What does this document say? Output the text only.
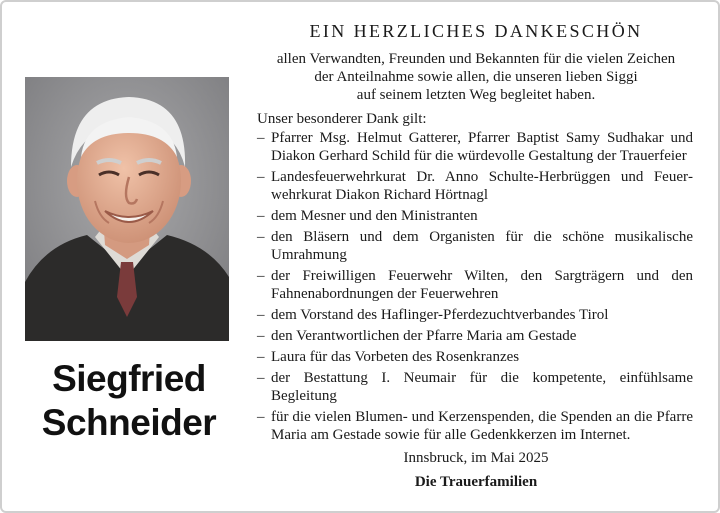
Siegfried
Schneider
EIN HERZLICHES DANKESCHÖN
allen Verwandten, Freunden und Bekannten für die vielen Zeichen
der Anteilnahme sowie allen, die unseren lieben Siggi
auf seinem letzten Weg begleitet haben.
Unser besonderer Dank gilt:
– Pfarrer Msg. Helmut Gatterer, Pfarrer Baptist Samy Sudhakar und Diakon Gerhard Schild für die würdevolle Gestaltung der Trauerfeier
– Landesfeuerwehrkurat Dr. Anno Schulte-Herbrüggen und Feuerwehrkurat Diakon Richard Hörtnagl
– dem Mesner und den Ministranten
– den Bläsern und dem Organisten für die schöne musikalische Umrahmung
– der Freiwilligen Feuerwehr Wilten, den Sargträgern und den Fahnenabordnungen der Feuerwehren
– dem Vorstand des Haflinger-Pferdezuchtverbandes Tirol
– den Verantwortlichen der Pfarre Maria am Gestade
– Laura für das Vorbeten des Rosenkranzes
– der Bestattung I. Neumair für die kompetente, einfühlsame Begleitung
– für die vielen Blumen- und Kerzenspenden, die Spenden an die Pfarre Maria am Gestade sowie für alle Gedenkkerzen im Internet.
Innsbruck, im Mai 2025
Die Trauerfamilien
